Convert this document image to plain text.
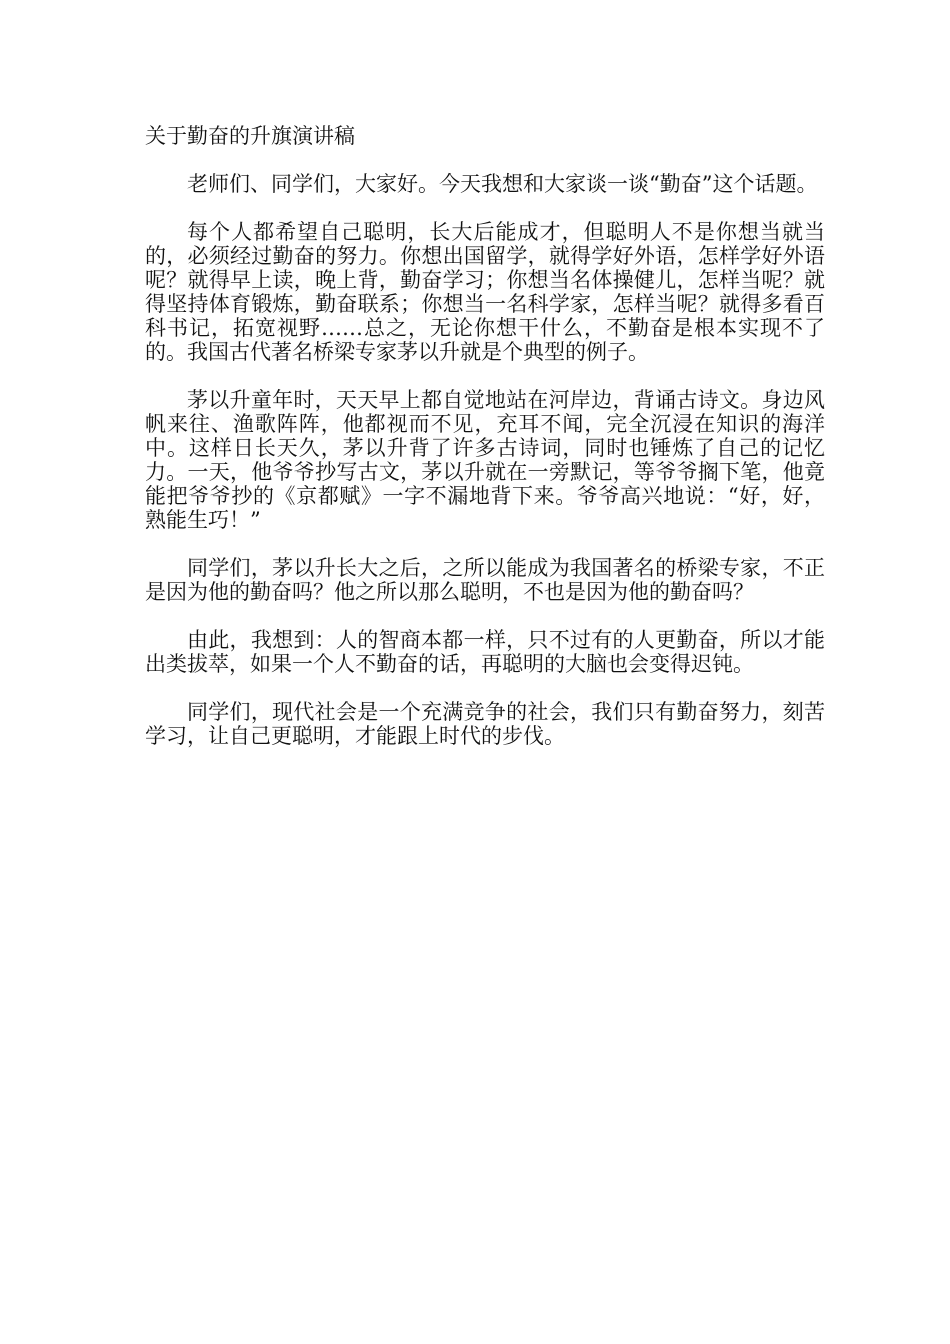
关于勤奋的升旗演讲稿

老师们、同学们，大家好。今天我想和大家谈一谈“勤奋”这个话题。

每个人都希望自己聪明，长大后能成才，但聪明人不是你想当就当的，必须经过勤奋的努力。你想出国留学，就得学好外语，怎样学好外语呢？就得早上读，晚上背，勤奋学习；你想当名体操健儿，怎样当呢？就得坚持体育锻炼，勤奋联系；你想当一名科学家，怎样当呢？就得多看百科书记，拓宽视野……总之，无论你想干什么，不勤奋是根本实现不了的。我国古代著名桥梁专家茅以升就是个典型的例子。

茅以升童年时，天天早上都自觉地站在河岸边，背诵古诗文。身边风帆来往、渔歌阵阵，他都视而不见，充耳不闻，完全沉浸在知识的海洋中。这样日长天久，茅以升背了许多古诗词，同时也锤炼了自己的记忆力。一天，他爷爷抄写古文，茅以升就在一旁默记，等爷爷搁下笔，他竟能把爷爷抄的《京都赋》一字不漏地背下来。爷爷高兴地说：“好，好，熟能生巧！”

同学们，茅以升长大之后，之所以能成为我国著名的桥梁专家，不正是因为他的勤奋吗？他之所以那么聪明，不也是因为他的勤奋吗？

由此，我想到：人的智商本都一样，只不过有的人更勤奋，所以才能出类拔萃，如果一个人不勤奋的话，再聪明的大脑也会变得迟钝。

同学们，现代社会是一个充满竞争的社会，我们只有勤奋努力，刻苦学习，让自己更聪明，才能跟上时代的步伐。
